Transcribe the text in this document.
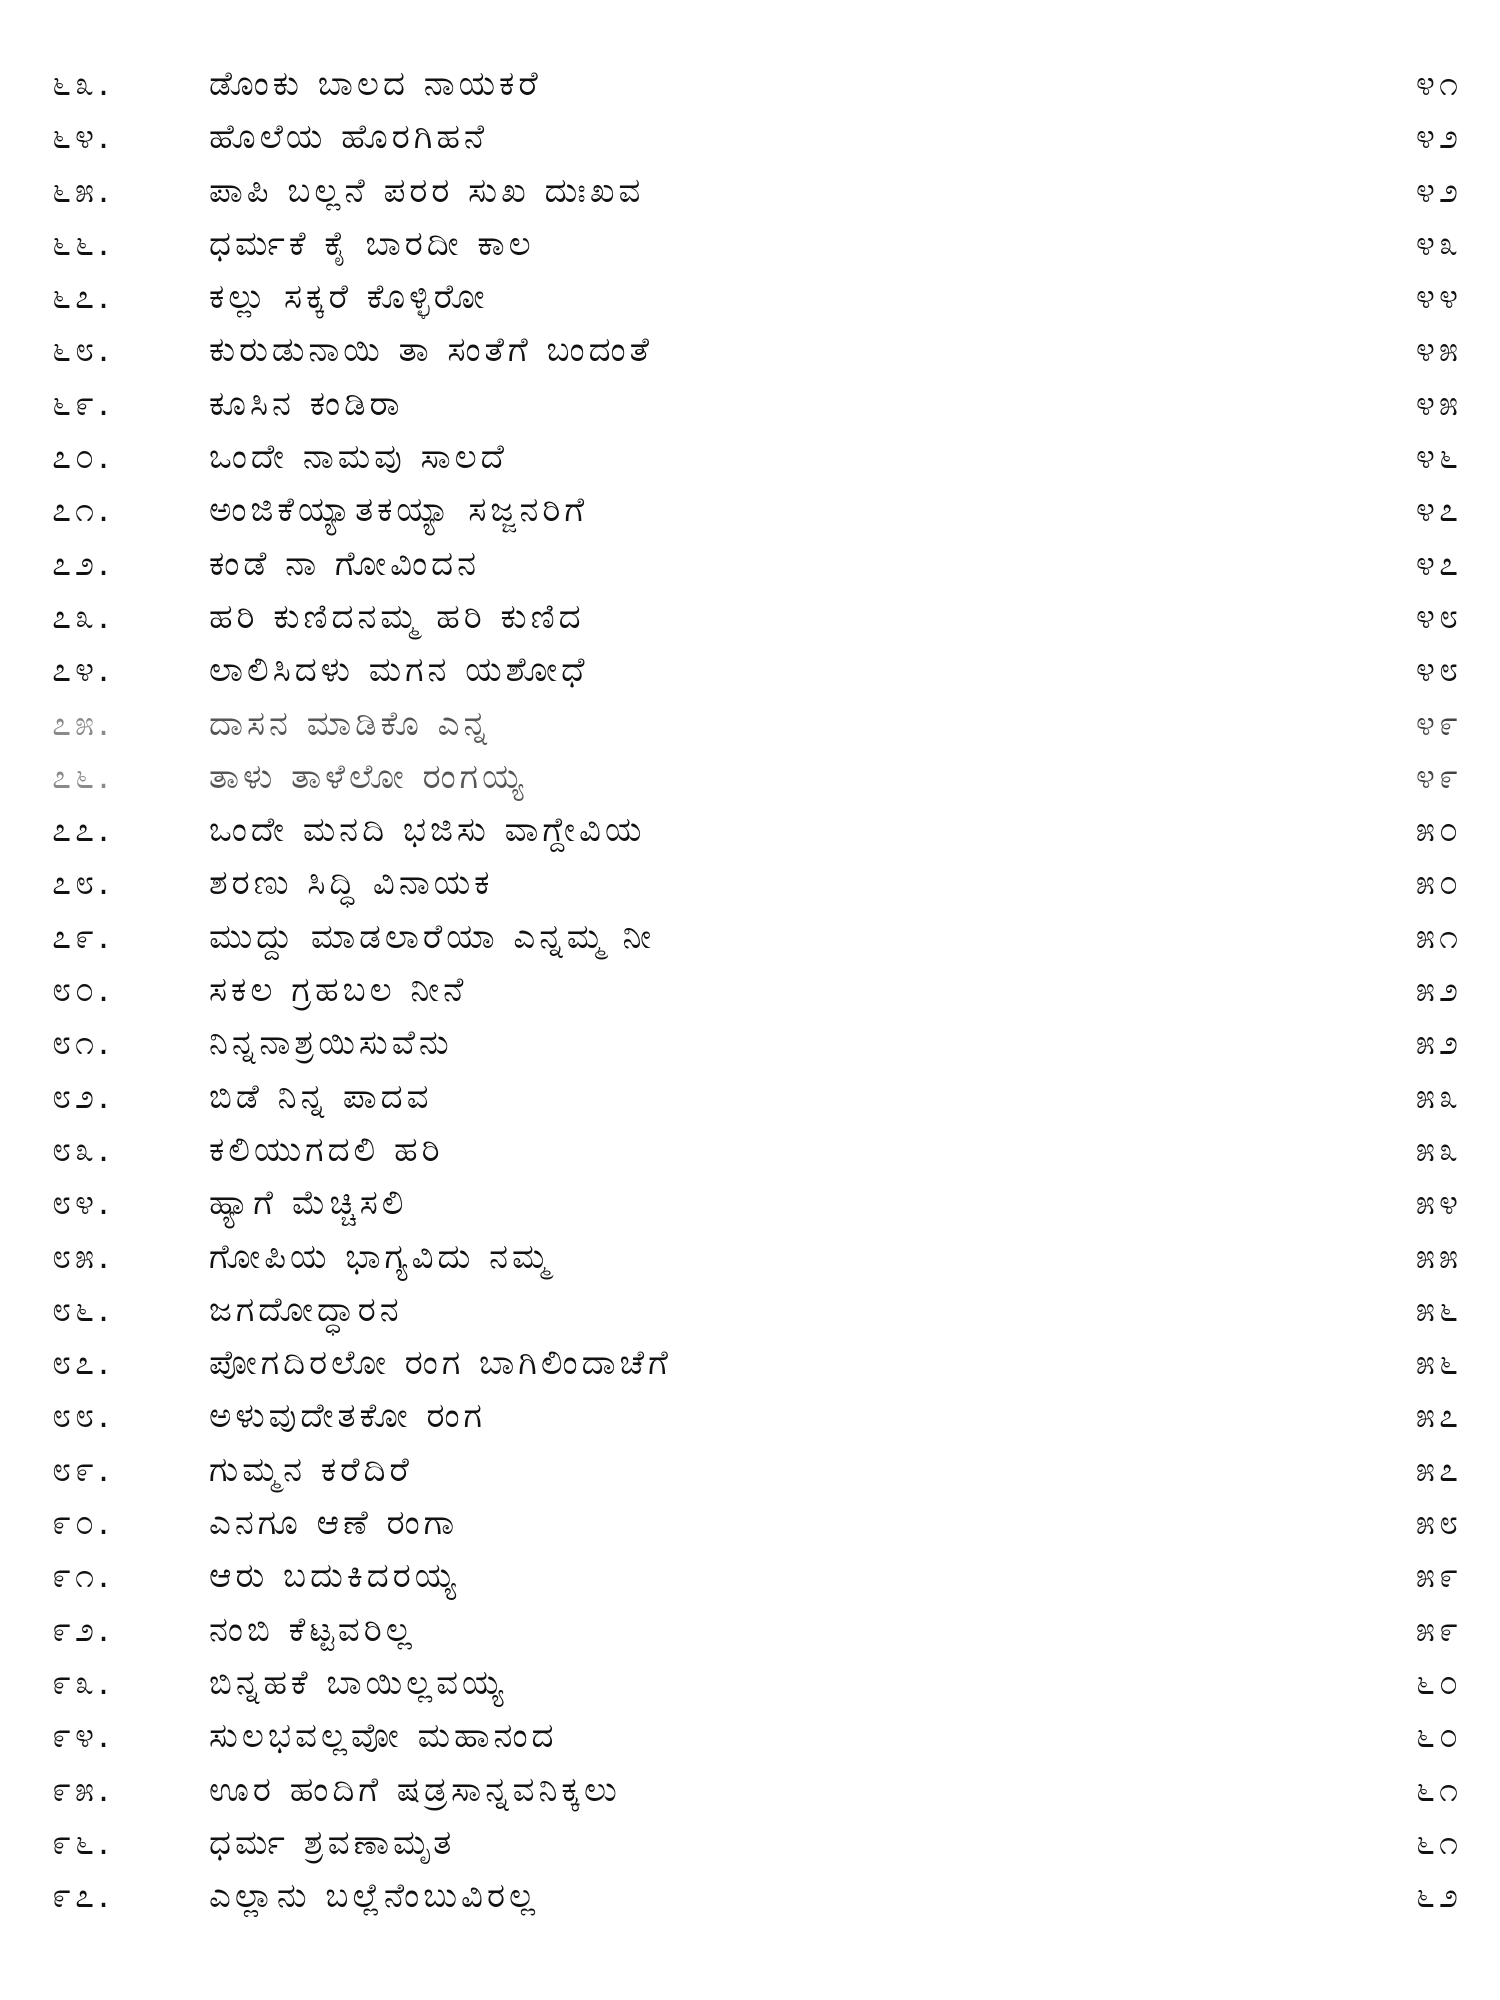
೬೩.	ಡೊಂಕು ಬಾಲದ ನಾಯಕರೆ	೪೧
೬೪.	ಹೊಲೆಯ ಹೊರಗಿಹನೆ	೪೨
೬೫.	ಪಾಪಿ ಬಲ್ಲನೆ ಪರರ ಸುಖ ದುಃಖವ	೪೨
೬೬.	ಧರ್ಮಕೆ ಕೈ ಬಾರದೀ ಕಾಲ	೪೩
೬೭.	ಕಲ್ಲು ಸಕ್ಕರೆ ಕೊಳ್ಳಿರೋ	೪೪
೬೮.	ಕುರುಡುನಾಯಿ ತಾ ಸಂತೆಗೆ ಬಂದಂತೆ	೪೫
೬೯.	ಕೂಸಿನ ಕಂಡಿರಾ	೪೫
೭೦.	ಒಂದೇ ನಾಮವು ಸಾಲದೆ	೪೬
೭೧.	ಅಂಜಿಕೆಯ್ಯಾತಕಯ್ಯಾ ಸಜ್ಜನರಿಗೆ	೪೭
೭೨.	ಕಂಡೆ ನಾ ಗೋವಿಂದನ	೪೭
೭೩.	ಹರಿ ಕುಣಿದನಮ್ಮ ಹರಿ ಕುಣಿದ	೪೮
೭೪.	ಲಾಲಿಸಿದಳು ಮಗನ ಯಶೋಧೆ	೪೮
೭೫.	ದಾಸನ ಮಾಡಿಕೊ ಎನ್ನ	೪೯
೭೬.	ತಾಳು ತಾಳೆಲೋ ರಂಗಯ್ಯ	೪೯
೭೭.	ಒಂದೇ ಮನದಿ ಭಜಿಸು ವಾಗ್ದೇವಿಯ	೫೦
೭೮.	ಶರಣು ಸಿದ್ಧಿ ವಿನಾಯಕ	೫೦
೭೯.	ಮುದ್ದು ಮಾಡಲಾರೆಯಾ ಎನ್ನಮ್ಮ ನೀ	೫೧
೮೦.	ಸಕಲ ಗ್ರಹಬಲ ನೀನೆ	೫೨
೮೧.	ನಿನ್ನನಾಶ್ರಯಿಸುವೆನು	೫೨
೮೨.	ಬಿಡೆ ನಿನ್ನ ಪಾದವ	೫೩
೮೩.	ಕಲಿಯುಗದಲಿ ಹರಿ	೫೩
೮೪.	ಹ್ಯಾಗೆ ಮೆಚ್ಚಿಸಲಿ	೫೪
೮೫.	ಗೋಪಿಯ ಭಾಗ್ಯವಿದು ನಮ್ಮ	೫೫
೮೬.	ಜಗದೋದ್ಧಾರನ	೫೬
೮೭.	ಪೋಗದಿರಲೋ ರಂಗ ಬಾಗಿಲಿಂದಾಚೆಗೆ	೫೬
೮೮.	ಅಳುವುದೇತಕೋ ರಂಗ	೫೭
೮೯.	ಗುಮ್ಮನ ಕರೆದಿರೆ	೫೭
೯೦.	ಎನಗೂ ಆಣೆ ರಂಗಾ	೫೮
೯೧.	ಆರು ಬದುಕಿದರಯ್ಯ	೫೯
೯೨.	ನಂಬಿ ಕೆಟ್ಟವರಿಲ್ಲ	೫೯
೯೩.	ಬಿನ್ನಹಕೆ ಬಾಯಿಲ್ಲವಯ್ಯ	೬೦
೯೪.	ಸುಲಭವಲ್ಲವೋ ಮಹಾನಂದ	೬೦
೯೫.	ಊರ ಹಂದಿಗೆ ಷಡ್ರಸಾನ್ನವನಿಕ್ಕಲು	೬೧
೯೬.	ಧರ್ಮ ಶ್ರವಣಾಮೃತ	೬೧
೯೭.	ಎಲ್ಲಾನು ಬಲ್ಲೆನೆಂಬುವಿರಲ್ಲ	೬೨
